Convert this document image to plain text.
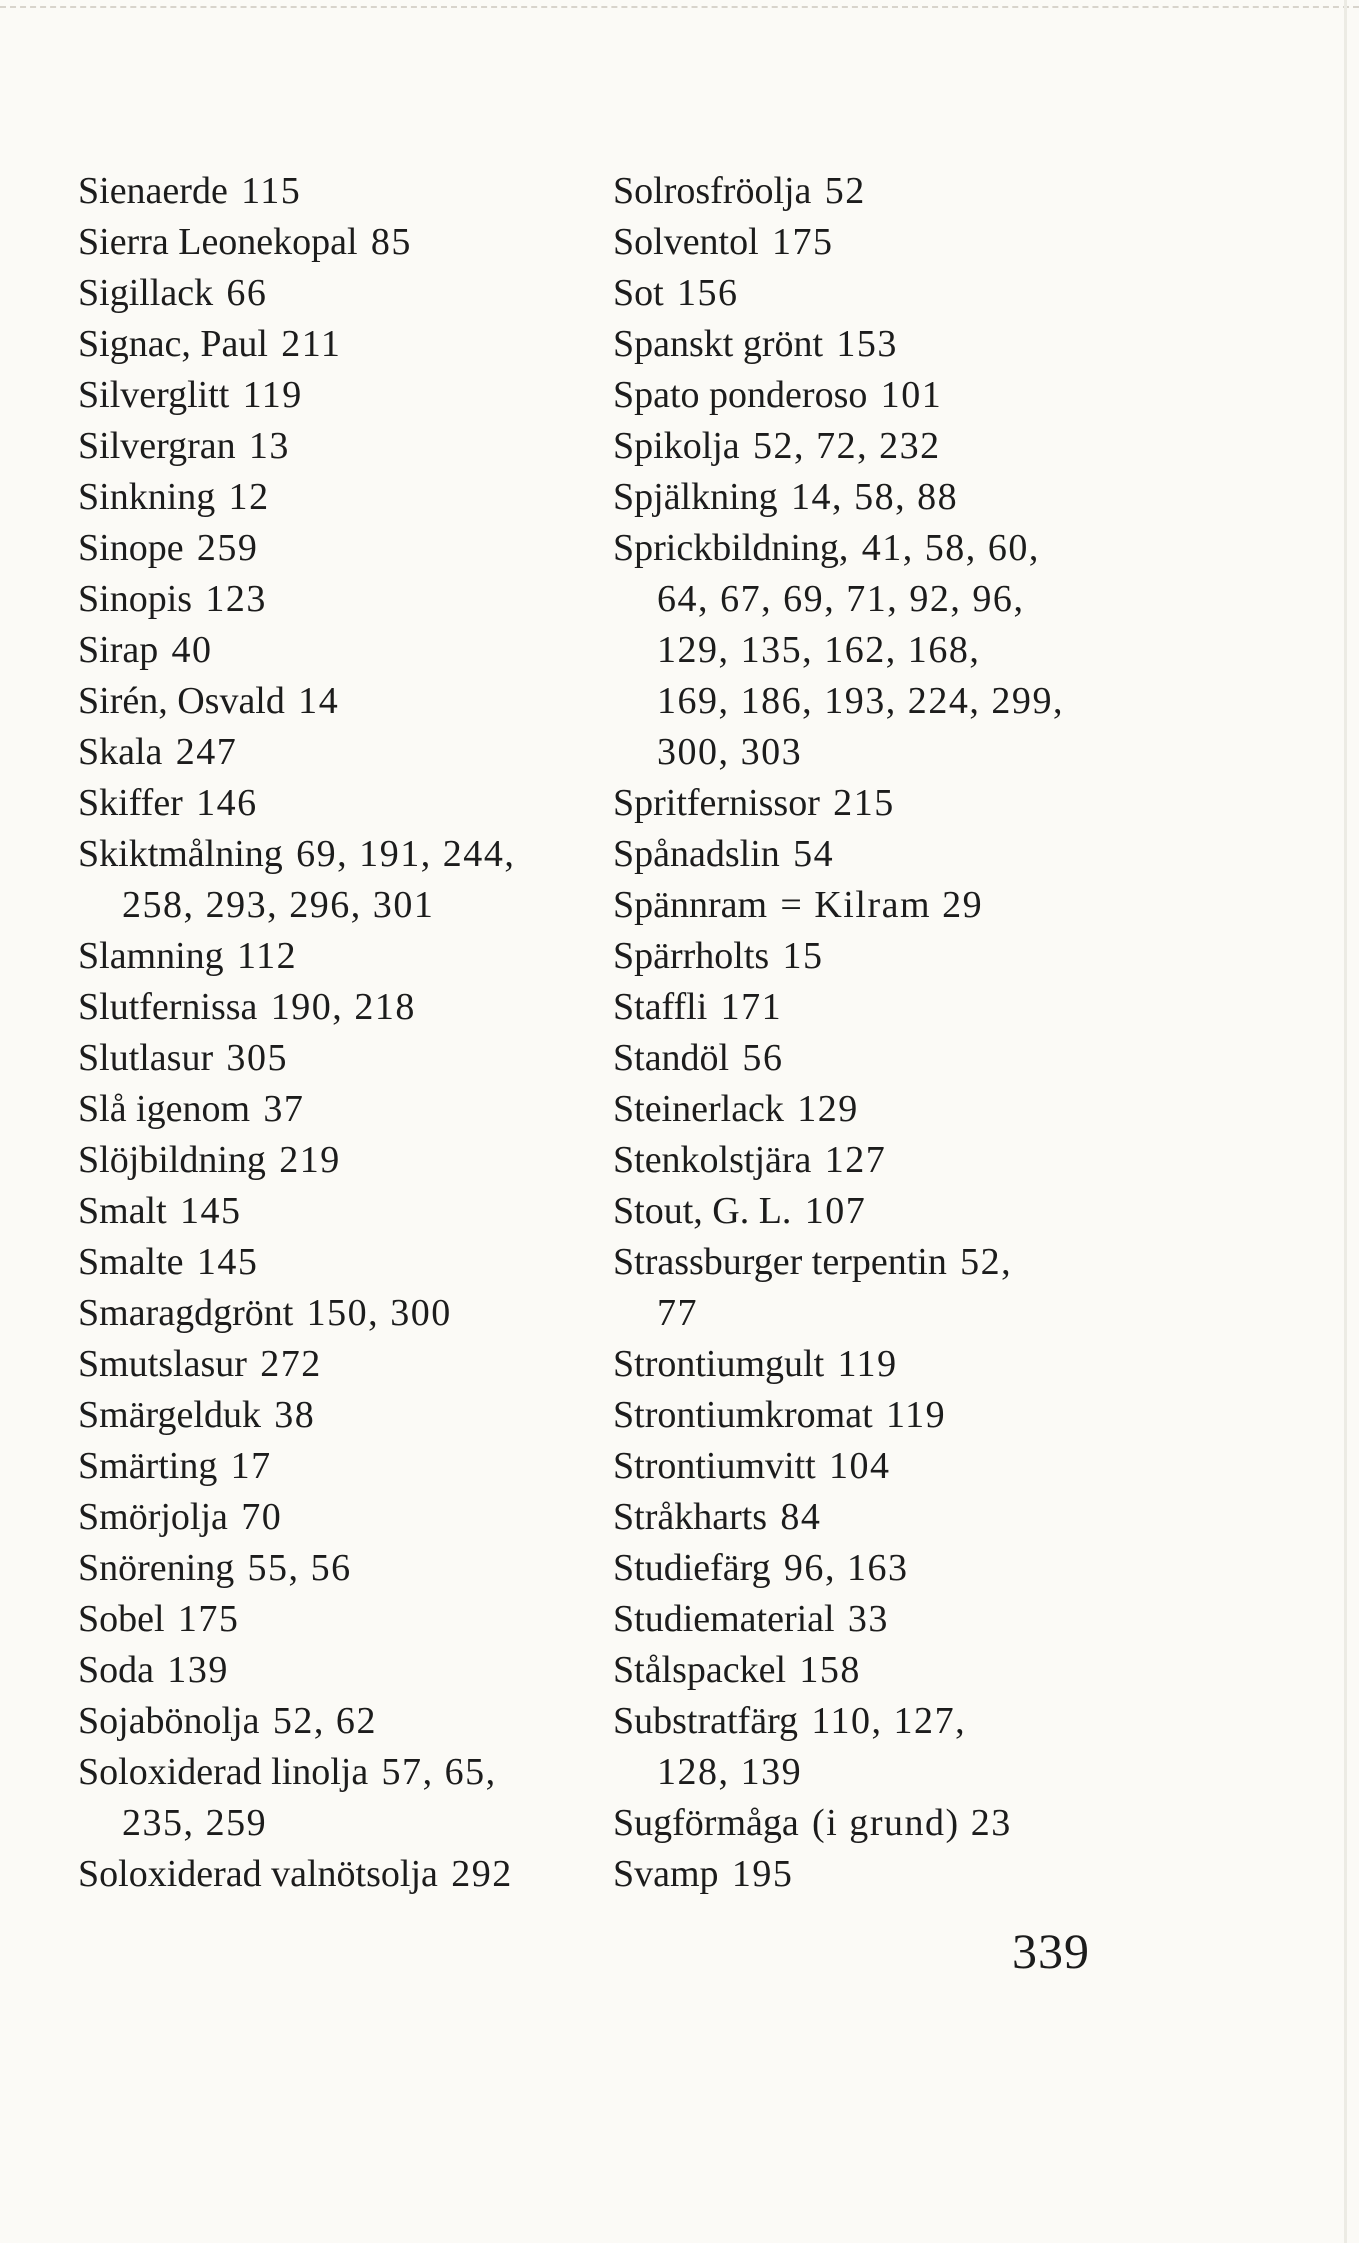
Sienaerde 115
Sierra Leonekopal 85
Sigillack 66
Signac, Paul 211
Silverglitt 119
Silvergran 13
Sinkning 12
Sinope 259
Sinopis 123
Sirap 40
Sirén, Osvald 14
Skala 247
Skiffer 146
Skiktmålning 69, 191, 244,
258, 293, 296, 301
Slamning 112
Slutfernissa 190, 218
Slutlasur 305
Slå igenom 37
Slöjbildning 219
Smalt 145
Smalte 145
Smaragdgrönt 150, 300
Smutslasur 272
Smärgelduk 38
Smärting 17
Smörjolja 70
Snörening 55, 56
Sobel 175
Soda 139
Sojabönolja 52, 62
Soloxiderad linolja 57, 65,
235, 259
Soloxiderad valnötsolja 292
Solrosfröolja 52
Solventol 175
Sot 156
Spanskt grönt 153
Spato ponderoso 101
Spikolja 52, 72, 232
Spjälkning 14, 58, 88
Sprickbildning, 41, 58, 60,
64, 67, 69, 71, 92, 96,
129, 135, 162, 168,
169, 186, 193, 224, 299,
300, 303
Spritfernissor 215
Spånadslin 54
Spännram = Kilram 29
Spärrholts 15
Staffli 171
Standöl 56
Steinerlack 129
Stenkolstjära 127
Stout, G. L. 107
Strassburger terpentin 52,
77
Strontiumgult 119
Strontiumkromat 119
Strontiumvitt 104
Stråkharts 84
Studiefärg 96, 163
Studiematerial 33
Stålspackel 158
Substratfärg 110, 127,
128, 139
Sugförmåga (i grund) 23
Svamp 195
339
